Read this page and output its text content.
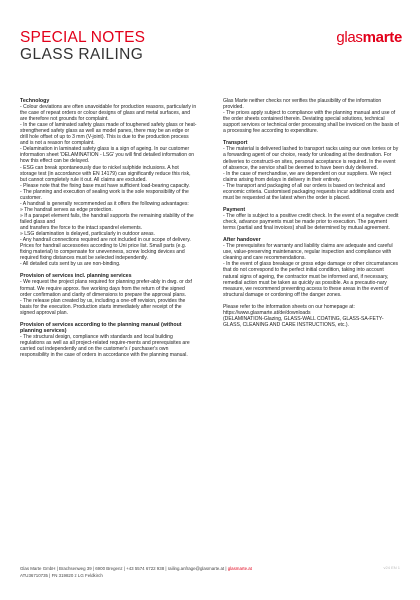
SPECIAL NOTES
GLASS RAILING
glasmarte
Technology
- Colour deviations are often unavoidable for production reasons, particularly in the case of repeat orders or colour designs of glass and metal surfaces, and are therefore not grounds for complaint.
- In the case of laminated safety glass made of toughened safety glass or heat-strengthened safety glass as well as model panes, there may be an edge or drill hole offset of up to 3 mm (V-joint). This is due to the production process and is not a reason for complaint.
- Delamination in laminated safety glass is a sign of ageing. In our customer information sheet 'DELAMINATION - LSG' you will find detailed information on how this effect can be delayed.
- ESG can break spontaneously due to nickel sulphide inclusions. A hot storage test (in accordance with EN 14179) can significantly reduce this risk, but cannot completely rule it out. All claims are excluded.
- Please note that the fixing base must have sufficient load-bearing capacity.
- The planning and execution of sealing work is the sole responsibility of the customer.
- A handrail is generally recommended as it offers the following advantages:
» The handrail serves as edge protection.
» If a parapet element fails, the handrail supports the remaining stability of the failed glass and
and transfers the force to the intact spandrel elements.
» LSG delamination is delayed, particularly in outdoor areas.
- Any handrail connections required are not included in our scope of delivery. Prices for handrail accessories according to Uni price list. Small parts (e.g. fixing material) to compensate for unevenness, screw locking devices and required fixing distances must be selected independently.
- All detailed cuts sent by us are non-binding.
Provision of services incl. planning services
- We request the project plans required for planning prefer-ably in dwg. or dxf format. We require approx. five working days from the return of the signed order confirmation and clarity of dimensions to prepare the approval plans.
- The release plan created by us, including a one-off revision, provides the basis for the execution. Production starts immediately after receipt of the signed approval plan.
Provision of services according to the planning manual (without planning services)
- The structural design, compliance with standards and local building regulations as well as all project-related require-ments and prerequisites are carried out independently and on the customer's / purchaser's own responsibility in the case of orders in accordance with the planning manual.
Glas Marte neither checks nor verifies the plausibility of the information provided.
- The prices apply subject to compliance with the planning manual and use of the order sheets contained therein. Deviating special solutions, technical support services or technical order processing shall be invoiced on the basis of a processing fee according to expenditure.
Transport
- The material is delivered lashed to transport racks using our own lorries or by a forwarding agent of our choice, ready for unloading at the destination. For deliveries to constructi-on sites, personal acceptance is required. In the event of absence, the service shall be deemed to have been duly delivered.
- In the case of merchandise, we are dependent on our suppliers. We reject claims arising from delays in delivery in their entirety.
- The transport and packaging of all our orders is based on technical and economic criteria. Customised packaging requests incur additional costs and must be requested at the latest when the order is placed.
Payment
- The offer is subject to a positive credit check. In the event of a negative credit check, advance payments must be made prior to execution. The payment terms (partial and final invoices) shall be determined by mutual agreement.
After handover
- The prerequisites for warranty and liability claims are adequate and careful use, value-preserving maintenance, regular inspection and compliance with cleaning and care recommendations.
- In the event of glass breakage or gross edge damage or other circumstances that do not correspond to the perfect initial condition, taking into account natural signs of ageing, the contractor must be informed and, if necessary, remedial action must be taken as quickly as possible. As a precautio-nary measure, we recommend preventing access to these areas in the event of structural damage or cordoning off the danger zones.
Please refer to the information sheets on our homepage at:
https://www.glasmarte.at/de/downloads
(DELAMINATION-Glazing, GLASS-WALL COATING, GLASS-SA-FETY-GLASS, CLEANING AND CARE INSTRUCTIONS, etc.).
Glas Marte GmbH | Brachsenweg 39 | 6900 Bregenz | +43 5574 6722 938 | railing.anfrage@glasmarte.at | glasmarte.at
ATU36710735 | FN 319820 z LG Feldkirch
v24 EN 1
